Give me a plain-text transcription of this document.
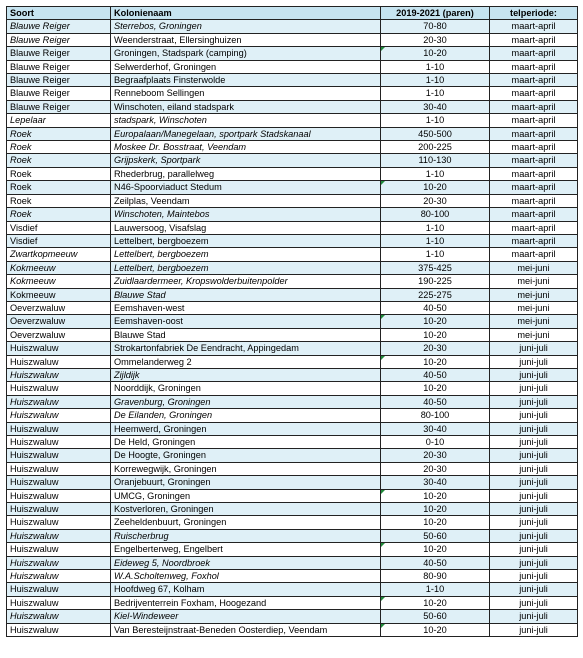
Soort	Kolonienaam	2019-2021 (paren)	telperiode:
Blauwe Reiger	Sterrebos, Groningen	70-80	maart-april
Blauwe Reiger	Weenderstraat, Ellersinghuizen	20-30	maart-april
Blauwe Reiger	Groningen, Stadspark (camping)	10-20	maart-april
Blauwe Reiger	Selwerderhof, Groningen	1-10	maart-april
Blauwe Reiger	Begraafplaats Finsterwolde	1-10	maart-april
Blauwe Reiger	Renneboom Sellingen	1-10	maart-april
Blauwe Reiger	Winschoten, eiland stadspark	30-40	maart-april
Lepelaar	stadspark, Winschoten	1-10	maart-april
Roek	Europalaan/Manegelaan, sportpark Stadskanaal	450-500	maart-april
Roek	Moskee Dr. Bosstraat, Veendam	200-225	maart-april
Roek	Grijpskerk, Sportpark	110-130	maart-april
Roek	Rhederbrug, parallelweg	1-10	maart-april
Roek	N46-Spoorviaduct Stedum	10-20	maart-april
Roek	Zeilplas, Veendam	20-30	maart-april
Roek	Winschoten, Maintebos	80-100	maart-april
Visdief	Lauwersoog, Visafslag	1-10	maart-april
Visdief	Lettelbert, bergboezem	1-10	maart-april
Zwartkopmeeuw	Lettelbert, bergboezem	1-10	maart-april
Kokmeeuw	Lettelbert, bergboezem	375-425	mei-juni
Kokmeeuw	Zuidlaardermeer, Kropswolderbuitenpolder	190-225	mei-juni
Kokmeeuw	Blauwe Stad	225-275	mei-juni
Oeverzwaluw	Eemshaven-west	40-50	mei-juni
Oeverzwaluw	Eemshaven-oost	10-20	mei-juni
Oeverzwaluw	Blauwe Stad	10-20	mei-juni
Huiszwaluw	Strokartonfabriek De Eendracht, Appingedam	20-30	juni-juli
Huiszwaluw	Ommelanderweg 2	10-20	juni-juli
Huiszwaluw	Zijldijk	40-50	juni-juli
Huiszwaluw	Noorddijk, Groningen	10-20	juni-juli
Huiszwaluw	Gravenburg, Groningen	40-50	juni-juli
Huiszwaluw	De Eilanden, Groningen	80-100	juni-juli
Huiszwaluw	Heemwerd, Groningen	30-40	juni-juli
Huiszwaluw	De Held, Groningen	0-10	juni-juli
Huiszwaluw	De Hoogte, Groningen	20-30	juni-juli
Huiszwaluw	Korrewegwijk, Groningen	20-30	juni-juli
Huiszwaluw	Oranjebuurt, Groningen	30-40	juni-juli
Huiszwaluw	UMCG, Groningen	10-20	juni-juli
Huiszwaluw	Kostverloren, Groningen	10-20	juni-juli
Huiszwaluw	Zeeheldenbuurt, Groningen	10-20	juni-juli
Huiszwaluw	Ruischerbrug	50-60	juni-juli
Huiszwaluw	Engelberterweg, Engelbert	10-20	juni-juli
Huiszwaluw	Eideweg 5, Noordbroek	40-50	juni-juli
Huiszwaluw	W.A.Scholtenweg, Foxhol	80-90	juni-juli
Huiszwaluw	Hoofdweg 67, Kolham	1-10	juni-juli
Huiszwaluw	Bedrijventerrein Foxham, Hoogezand	10-20	juni-juli
Huiszwaluw	Kiel-Windeweer	50-60	juni-juli
Huiszwaluw	Van Beresteijnstraat-Beneden Oosterdiep, Veendam	10-20	juni-juli
